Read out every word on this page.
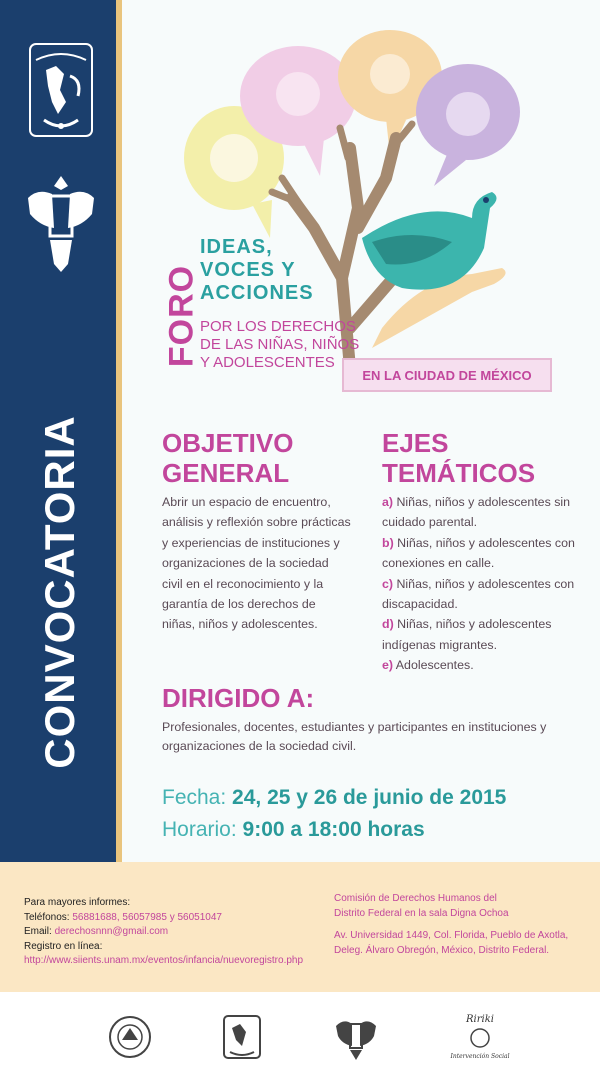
CONVOCATORIA
FORO
IDEAS,
VOCES Y
ACCIONES
POR LOS DERECHOS
DE LAS NIÑAS, NIÑOS
Y ADOLESCENTES
EN LA CIUDAD DE MÉXICO
OBJETIVO
GENERAL

Abrir un espacio de encuentro, análisis y reflexión sobre prácticas y experiencias de instituciones y organizaciones de la sociedad civil en el reconocimiento y la garantía de los derechos de niñas, niños y adolescentes.

EJES
TEMÁTICOS
a) Niñas, niños y adolescentes sin cuidado parental.
b) Niñas, niños y adolescentes con conexiones en calle.
c) Niñas, niños y adolescentes con discapacidad.
d) Niñas, niños y adolescentes indígenas migrantes.
e) Adolescentes.
DIRIGIDO A:

Profesionales, docentes, estudiantes y participantes en instituciones y organizaciones de la sociedad civil.

Fecha: 24, 25 y 26 de junio de 2015
Horario: 9:00 a 18:00 horas
Para mayores informes:
Teléfonos: 56881688, 56057985 y 56051047
Email: derechosnnn@gmail.com
Registro en línea:
http://www.siients.unam.mx/eventos/infancia/nuevoregistro.php
Comisión de Derechos Humanos del
Distrito Federal en la sala Digna Ochoa
Av. Universidad 1449, Col. Florida, Pueblo de Axotla,
Deleg. Álvaro Obregón, México, Distrito Federal.
Ririki
Intervención Social
